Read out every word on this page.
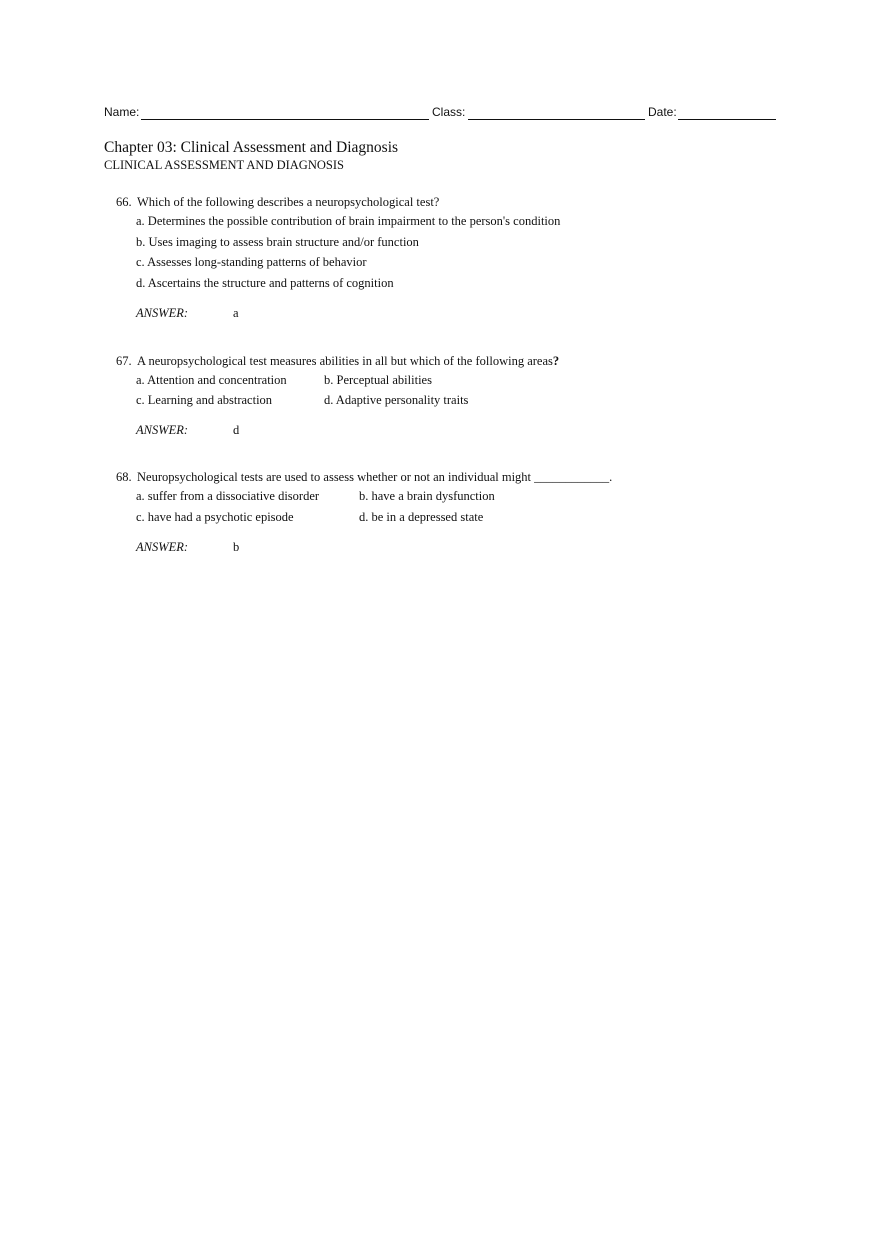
Name:	Class:	Date:
Chapter 03: Clinical Assessment and Diagnosis
CLINICAL ASSESSMENT AND DIAGNOSIS
66. Which of the following describes a neuropsychological test?
a. Determines the possible contribution of brain impairment to the person's condition
b. Uses imaging to assess brain structure and/or function
c. Assesses long-standing patterns of behavior
d. Ascertains the structure and patterns of cognition
ANSWER:	a
67. A neuropsychological test measures abilities in all but which of the following areas?
a. Attention and concentration	b. Perceptual abilities
c. Learning and abstraction	d. Adaptive personality traits
ANSWER:	d
68. Neuropsychological tests are used to assess whether or not an individual might ____________.
a. suffer from a dissociative disorder	b. have a brain dysfunction
c. have had a psychotic episode	d. be in a depressed state
ANSWER:	b
